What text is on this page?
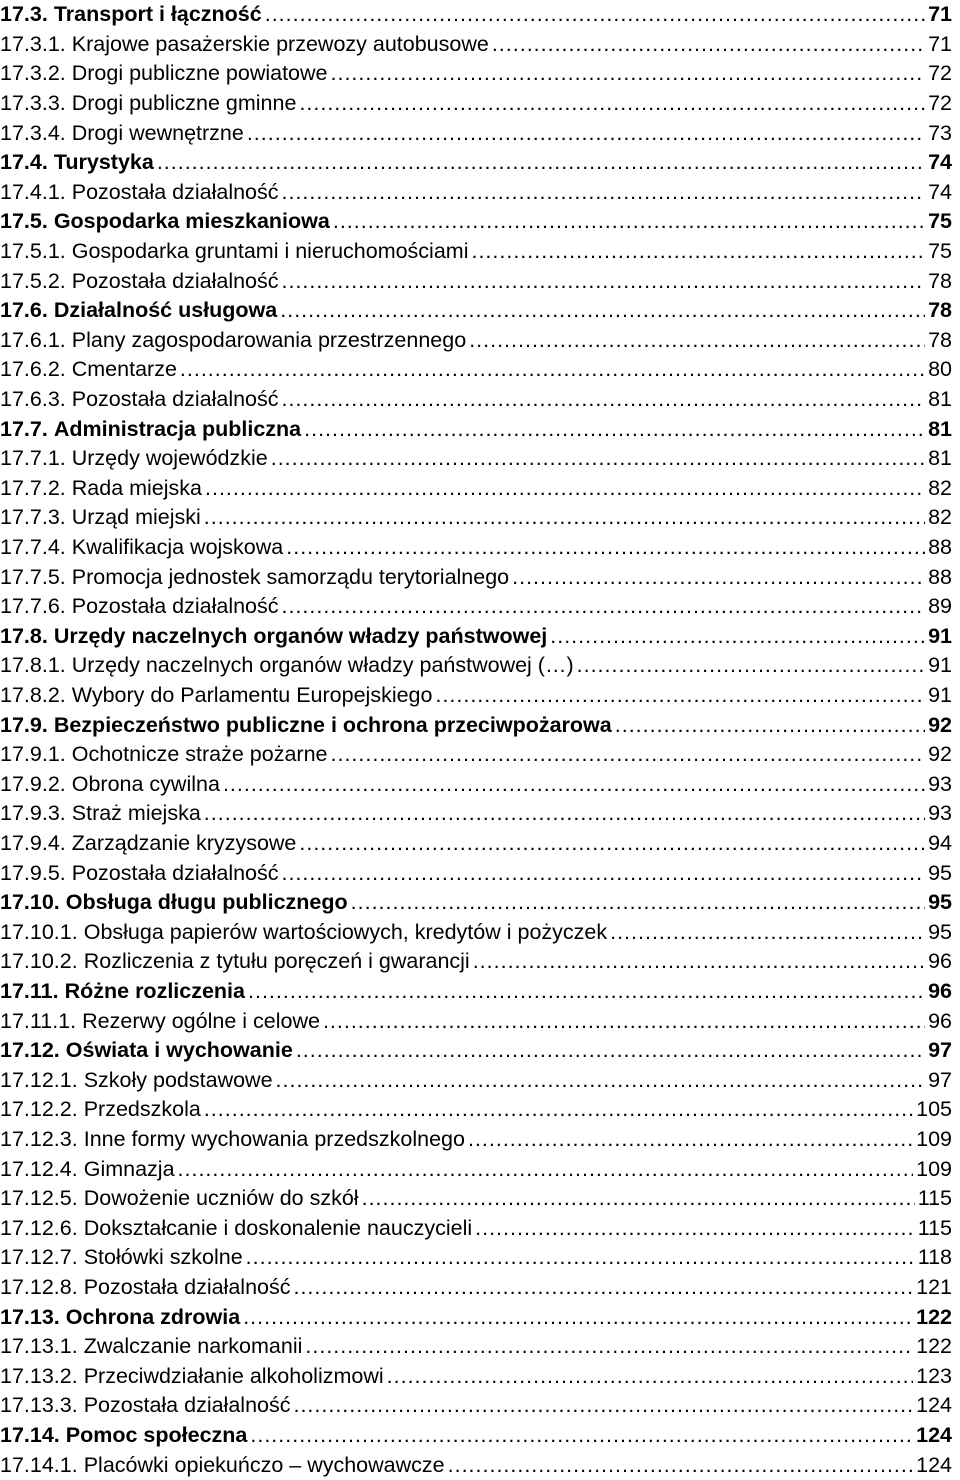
17.3. Transport i łączność .....	71
17.3.1. Krajowe pasażerskie przewozy autobusowe .....	71
17.3.2. Drogi publiczne powiatowe .....	72
17.3.3. Drogi publiczne gminne .....	72
17.3.4. Drogi wewnętrzne .....	73
17.4. Turystyka .....	74
17.4.1. Pozostała działalność .....	74
17.5. Gospodarka mieszkaniowa .....	75
17.5.1. Gospodarka gruntami i nieruchomościami .....	75
17.5.2. Pozostała działalność .....	78
17.6. Działalność usługowa .....	78
17.6.1. Plany zagospodarowania przestrzennego .....	78
17.6.2. Cmentarze .....	80
17.6.3. Pozostała działalność .....	81
17.7. Administracja publiczna .....	81
17.7.1. Urzędy wojewódzkie .....	81
17.7.2. Rada miejska .....	82
17.7.3. Urząd miejski .....	82
17.7.4. Kwalifikacja wojskowa .....	88
17.7.5. Promocja jednostek samorządu terytorialnego .....	88
17.7.6. Pozostała działalność .....	89
17.8. Urzędy naczelnych organów władzy państwowej .....	91
17.8.1. Urzędy naczelnych organów władzy państwowej (…) .....	91
17.8.2. Wybory do Parlamentu Europejskiego .....	91
17.9. Bezpieczeństwo publiczne i ochrona przeciwpożarowa .....	92
17.9.1. Ochotnicze straże pożarne .....	92
17.9.2. Obrona cywilna .....	93
17.9.3. Straż miejska .....	93
17.9.4. Zarządzanie kryzysowe .....	94
17.9.5. Pozostała działalność .....	95
17.10. Obsługa długu publicznego .....	95
17.10.1. Obsługa papierów wartościowych, kredytów i pożyczek .....	95
17.10.2. Rozliczenia z tytułu poręczeń i gwarancji .....	96
17.11. Różne rozliczenia .....	96
17.11.1. Rezerwy ogólne i celowe .....	96
17.12. Oświata i wychowanie .....	97
17.12.1. Szkoły podstawowe .....	97
17.12.2. Przedszkola .....	105
17.12.3. Inne formy wychowania przedszkolnego .....	109
17.12.4. Gimnazja .....	109
17.12.5. Dowożenie uczniów do szkół .....	115
17.12.6. Dokształcanie i doskonalenie nauczycieli .....	115
17.12.7. Stołówki szkolne .....	118
17.12.8. Pozostała działalność .....	121
17.13. Ochrona zdrowia .....	122
17.13.1. Zwalczanie narkomanii .....	122
17.13.2. Przeciwdziałanie alkoholizmowi .....	123
17.13.3. Pozostała działalność .....	124
17.14. Pomoc społeczna .....	124
17.14.1. Placówki opiekuńczo – wychowawcze .....	124
